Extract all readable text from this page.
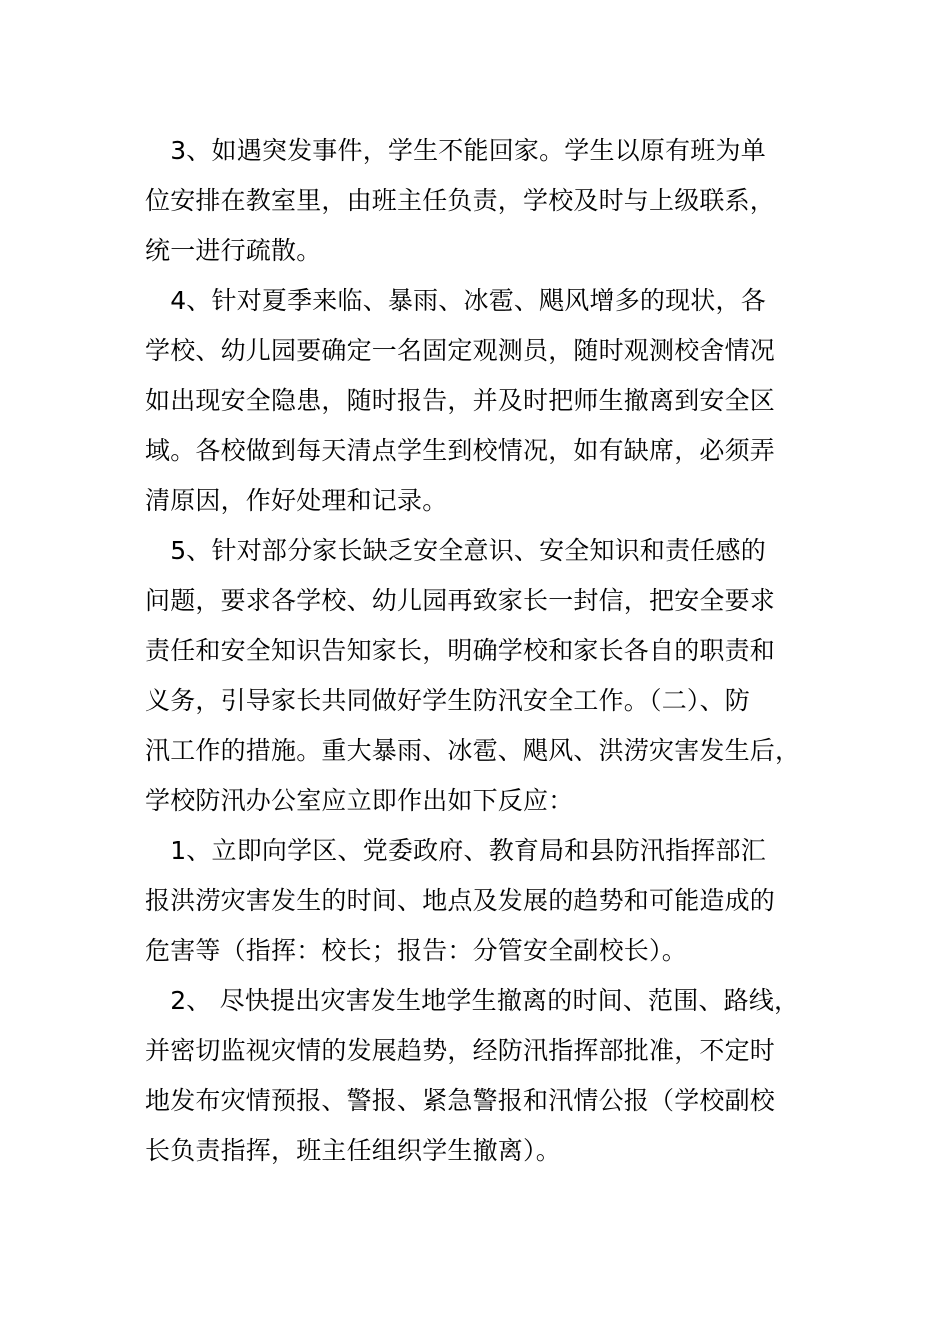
　3、如遇突发事件，学生不能回家。学生以原有班为单
位安排在教室里，由班主任负责，学校及时与上级联系，
统一进行疏散。
　4、针对夏季来临、暴雨、冰雹、飓风增多的现状，各
学校、幼儿园要确定一名固定观测员，随时观测校舍情况
如出现安全隐患，随时报告，并及时把师生撤离到安全区
域。各校做到每天清点学生到校情况，如有缺席，必须弄
清原因，作好处理和记录。
　5、针对部分家长缺乏安全意识、安全知识和责任感的
问题，要求各学校、幼儿园再致家长一封信，把安全要求
责任和安全知识告知家长，明确学校和家长各自的职责和
义务，引导家长共同做好学生防汛安全工作。（二）、防
汛工作的措施。重大暴雨、冰雹、飓风、洪涝灾害发生后，
学校防汛办公室应立即作出如下反应：
　1、立即向学区、党委政府、教育局和县防汛指挥部汇
报洪涝灾害发生的时间、地点及发展的趋势和可能造成的
危害等（指挥：校长；报告：分管安全副校长）。
　2、 尽快提出灾害发生地学生撤离的时间、范围、路线，
并密切监视灾情的发展趋势，经防汛指挥部批准，不定时
地发布灾情预报、警报、紧急警报和汛情公报（学校副校
长负责指挥，班主任组织学生撤离）。
